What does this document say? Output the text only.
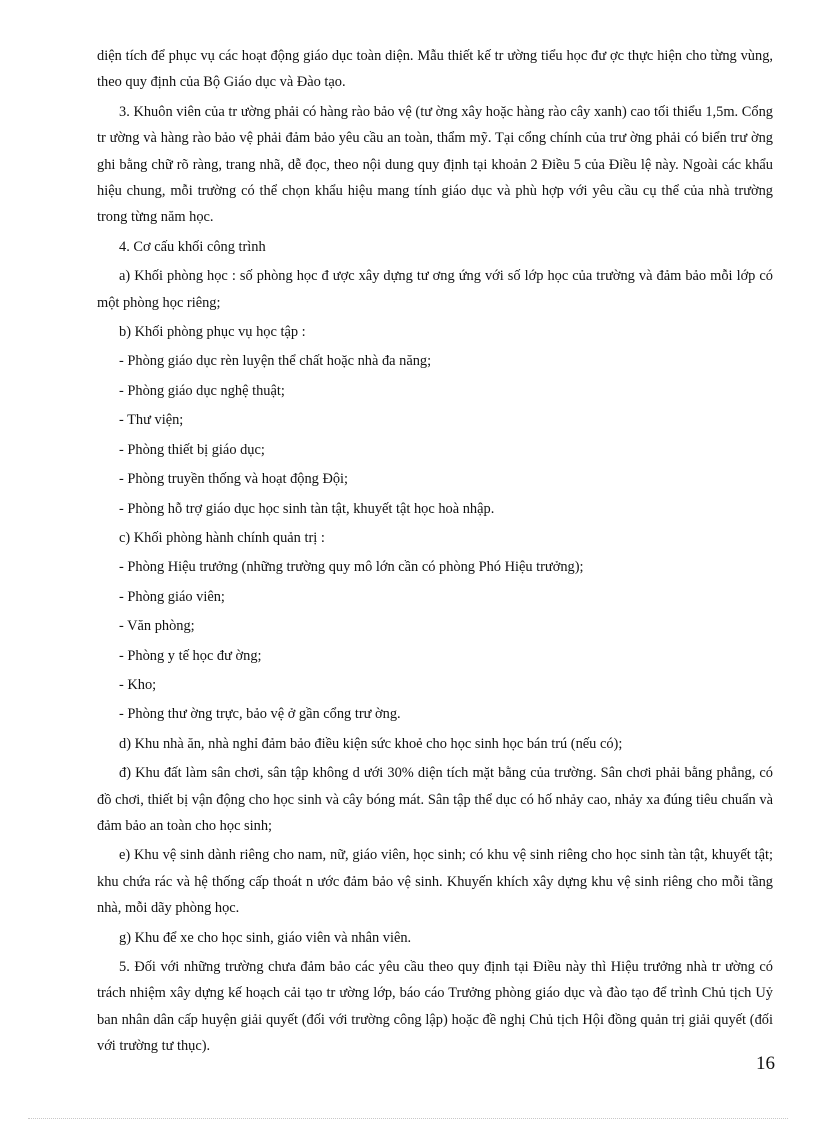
diện tích để phục vụ các hoạt động giáo dục toàn diện. Mẫu thiết kế tr ường tiểu học đư ợc thực hiện cho từng vùng, theo quy định của Bộ Giáo dục và Đào tạo.

3. Khuôn viên của tr ường phải có hàng rào bảo vệ (tư ờng xây hoặc hàng rào cây xanh) cao tối thiểu 1,5m. Cổng tr ường và hàng rào bảo vệ phải đảm bảo yêu cầu an toàn, thẩm mỹ. Tại cổng chính của trư ờng phải có biển trư ờng ghi bằng chữ rõ ràng, trang nhã, dễ đọc, theo nội dung quy định tại khoản 2 Điều 5 của Điều lệ này. Ngoài các khẩu hiệu chung, mỗi trường có thể chọn khẩu hiệu mang tính giáo dục và phù hợp với yêu cầu cụ thể của nhà trường trong từng năm học.

4. Cơ cấu khối công trình

a) Khối phòng học : số phòng học đ ược xây dựng tư ơng ứng với số lớp học của trường và đảm bảo mỗi lớp có một phòng học riêng;

b) Khối phòng phục vụ học tập :

- Phòng giáo dục rèn luyện thể chất hoặc nhà đa năng;

- Phòng giáo dục nghệ thuật;

- Thư viện;

- Phòng thiết bị giáo dục;

- Phòng truyền thống và hoạt động Đội;

- Phòng hỗ trợ giáo dục học sinh tàn tật, khuyết tật học hoà nhập.

c) Khối phòng hành chính quản trị :

- Phòng Hiệu trưởng (những trường quy mô lớn cần có phòng Phó Hiệu trưởng);

- Phòng giáo viên;

- Văn phòng;

- Phòng y tế học đư ờng;

- Kho;

- Phòng thư ờng trực, bảo vệ ở gần cổng trư ờng.

d) Khu nhà ăn, nhà nghỉ đảm bảo điều kiện sức khoẻ cho học sinh học bán trú (nếu có);

đ) Khu đất làm sân chơi, sân tập không d ưới 30% diện tích mặt bằng của trường. Sân chơi phải bằng phẳng, có đồ chơi, thiết bị vận động cho học sinh và cây bóng mát. Sân tập thể dục có hố nhảy cao, nhảy xa đúng tiêu chuẩn và đảm bảo an toàn cho học sinh;

e) Khu vệ sinh dành riêng cho nam, nữ, giáo viên, học sinh; có khu vệ sinh riêng cho học sinh tàn tật, khuyết tật; khu chứa rác và hệ thống cấp thoát n ước đảm bảo vệ sinh. Khuyến khích xây dựng khu vệ sinh riêng cho mỗi tầng nhà, mỗi dãy phòng học.

g) Khu để xe cho học sinh, giáo viên và nhân viên.

5. Đối với những trường chưa đảm bảo các yêu cầu theo quy định tại Điều này thì Hiệu trưởng nhà tr ường có trách nhiệm xây dựng kế hoạch cải tạo tr ường lớp, báo cáo Trưởng phòng giáo dục và đào tạo để trình Chủ tịch Uỷ ban nhân dân cấp huyện giải quyết (đối với trường công lập) hoặc đề nghị Chủ tịch Hội đồng quản trị giải quyết (đối với trường tư thục).

16
